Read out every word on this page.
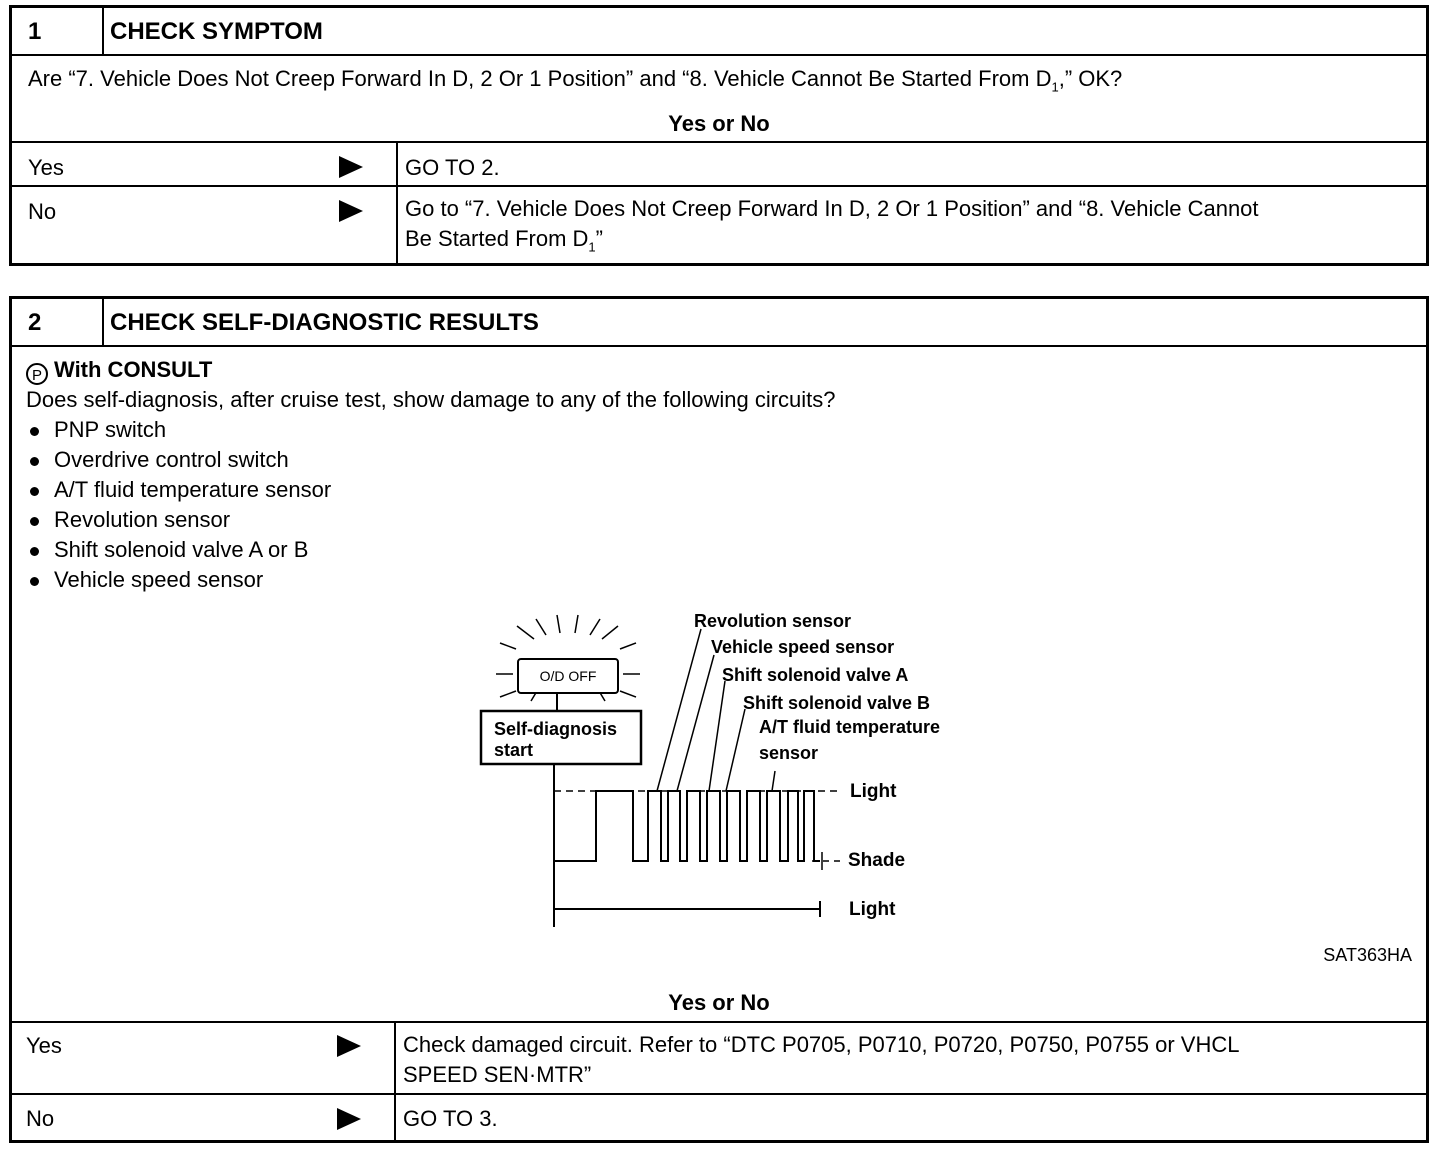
1	CHECK SYMPTOM
Are “7. Vehicle Does Not Creep Forward In D, 2 Or 1 Position” and “8. Vehicle Cannot Be Started From $D_1$,” OK?
Yes or No
Yes	GO TO 2.
No	Go to “7. Vehicle Does Not Creep Forward In D, 2 Or 1 Position” and “8. Vehicle Cannot
Be Started From $D_1$”
2	CHECK SELF-DIAGNOSTIC RESULTS
P With CONSULT
Does self-diagnosis, after cruise test, show damage to any of the following circuits?
PNP switch
Overdrive control switch
A/T fluid temperature sensor
Revolution sensor
Shift solenoid valve A or B
Vehicle speed sensor
O/D OFF
Self-diagnosis
start
Light
Shade
Light
Revolution sensor
Vehicle speed sensor
Shift solenoid valve A
Shift solenoid valve B
A/T fluid temperature
sensor
SAT363HA
Yes or No
Yes	Check damaged circuit. Refer to “DTC P0705, P0710, P0720, P0750, P0755 or VHCL
SPEED SEN·MTR”
No	GO TO 3.
